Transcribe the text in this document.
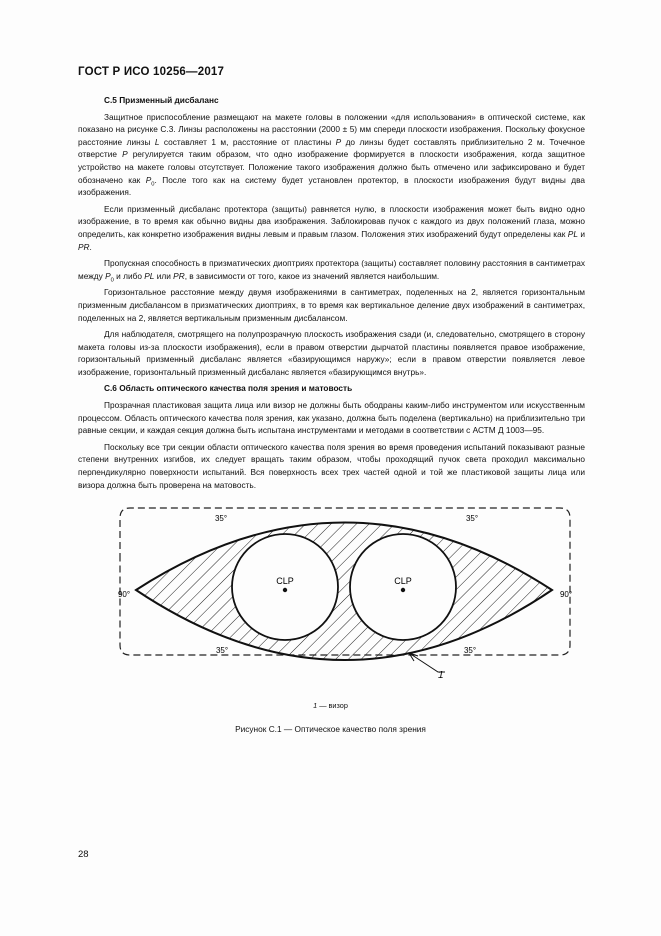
ГОСТ Р ИСО 10256—2017
C.5 Призменный дисбаланс

Защитное приспособление размещают на макете головы в положении «для использования» в оптической системе, как показано на рисунке С.3. Линзы расположены на расстоянии (2000 ± 5) мм спереди плоскости изображения. Поскольку фокусное расстояние линзы L составляет 1 м, расстояние от пластины P до линзы будет составлять приблизительно 2 м. Точечное отверстие P регулируется таким образом, что одно изображение формируется в плоскости изображения, когда защитное устройство на макете головы отсутствует. Положение такого изображения должно быть отмечено или зафиксировано и будет обозначено как $P_0$. После того как на систему будет установлен протектор, в плоскости изображения будут видны два изображения.

Если призменный дисбаланс протектора (защиты) равняется нулю, в плоскости изображения может быть видно одно изображение, в то время как обычно видны два изображения. Заблокировав пучок с каждого из двух положений глаза, можно определить, как конкретно изображения видны левым и правым глазом. Положения этих изображений будут определены как PL и PR.

Пропускная способность в призматических диоптриях протектора (защиты) составляет половину расстояния в сантиметрах между $P_0$ и либо PL или PR, в зависимости от того, какое из значений является наибольшим.

Горизонтальное расстояние между двумя изображениями в сантиметрах, поделенных на 2, является горизонтальным призменным дисбалансом в призматических диоптриях, в то время как вертикальное деление двух изображений в сантиметрах, поделенных на 2, является вертикальным призменным дисбалансом.

Для наблюдателя, смотрящего на полупрозрачную плоскость изображения сзади (и, следовательно, смотрящего в сторону макета головы из-за плоскости изображения), если в правом отверстии дырчатой пластины появляется правое изображение, горизонтальный призменный дисбаланс является «базирующимся наружу»; если в правом отверстии появляется левое изображение, горизонтальный призменный дисбаланс является «базирующимся внутрь».

C.6 Область оптического качества поля зрения и матовость

Прозрачная пластиковая защита лица или визор не должны быть ободраны каким-либо инструментом или искусственным процессом. Область оптического качества поля зрения, как указано, должна быть поделена (вертикально) на приблизительно три равные секции, и каждая секция должна быть испытана инструментами и методами в соответствии с АСТМ Д 1003—95.

Поскольку все три секции области оптического качества поля зрения во время проведения испытаний показывают разные степени внутренних изгибов, их следует вращать таким образом, чтобы проходящий пучок света проходил максимально перпендикулярно поверхности испытаний. Вся поверхность всех трех частей одной и той же пластиковой защиты лица или визора должна быть проверена на матовость.

CLP	CLP
35°	35°
35°	35°
90°	90°
1
1 — визор
Рисунок С.1 — Оптическое качество поля зрения
28
